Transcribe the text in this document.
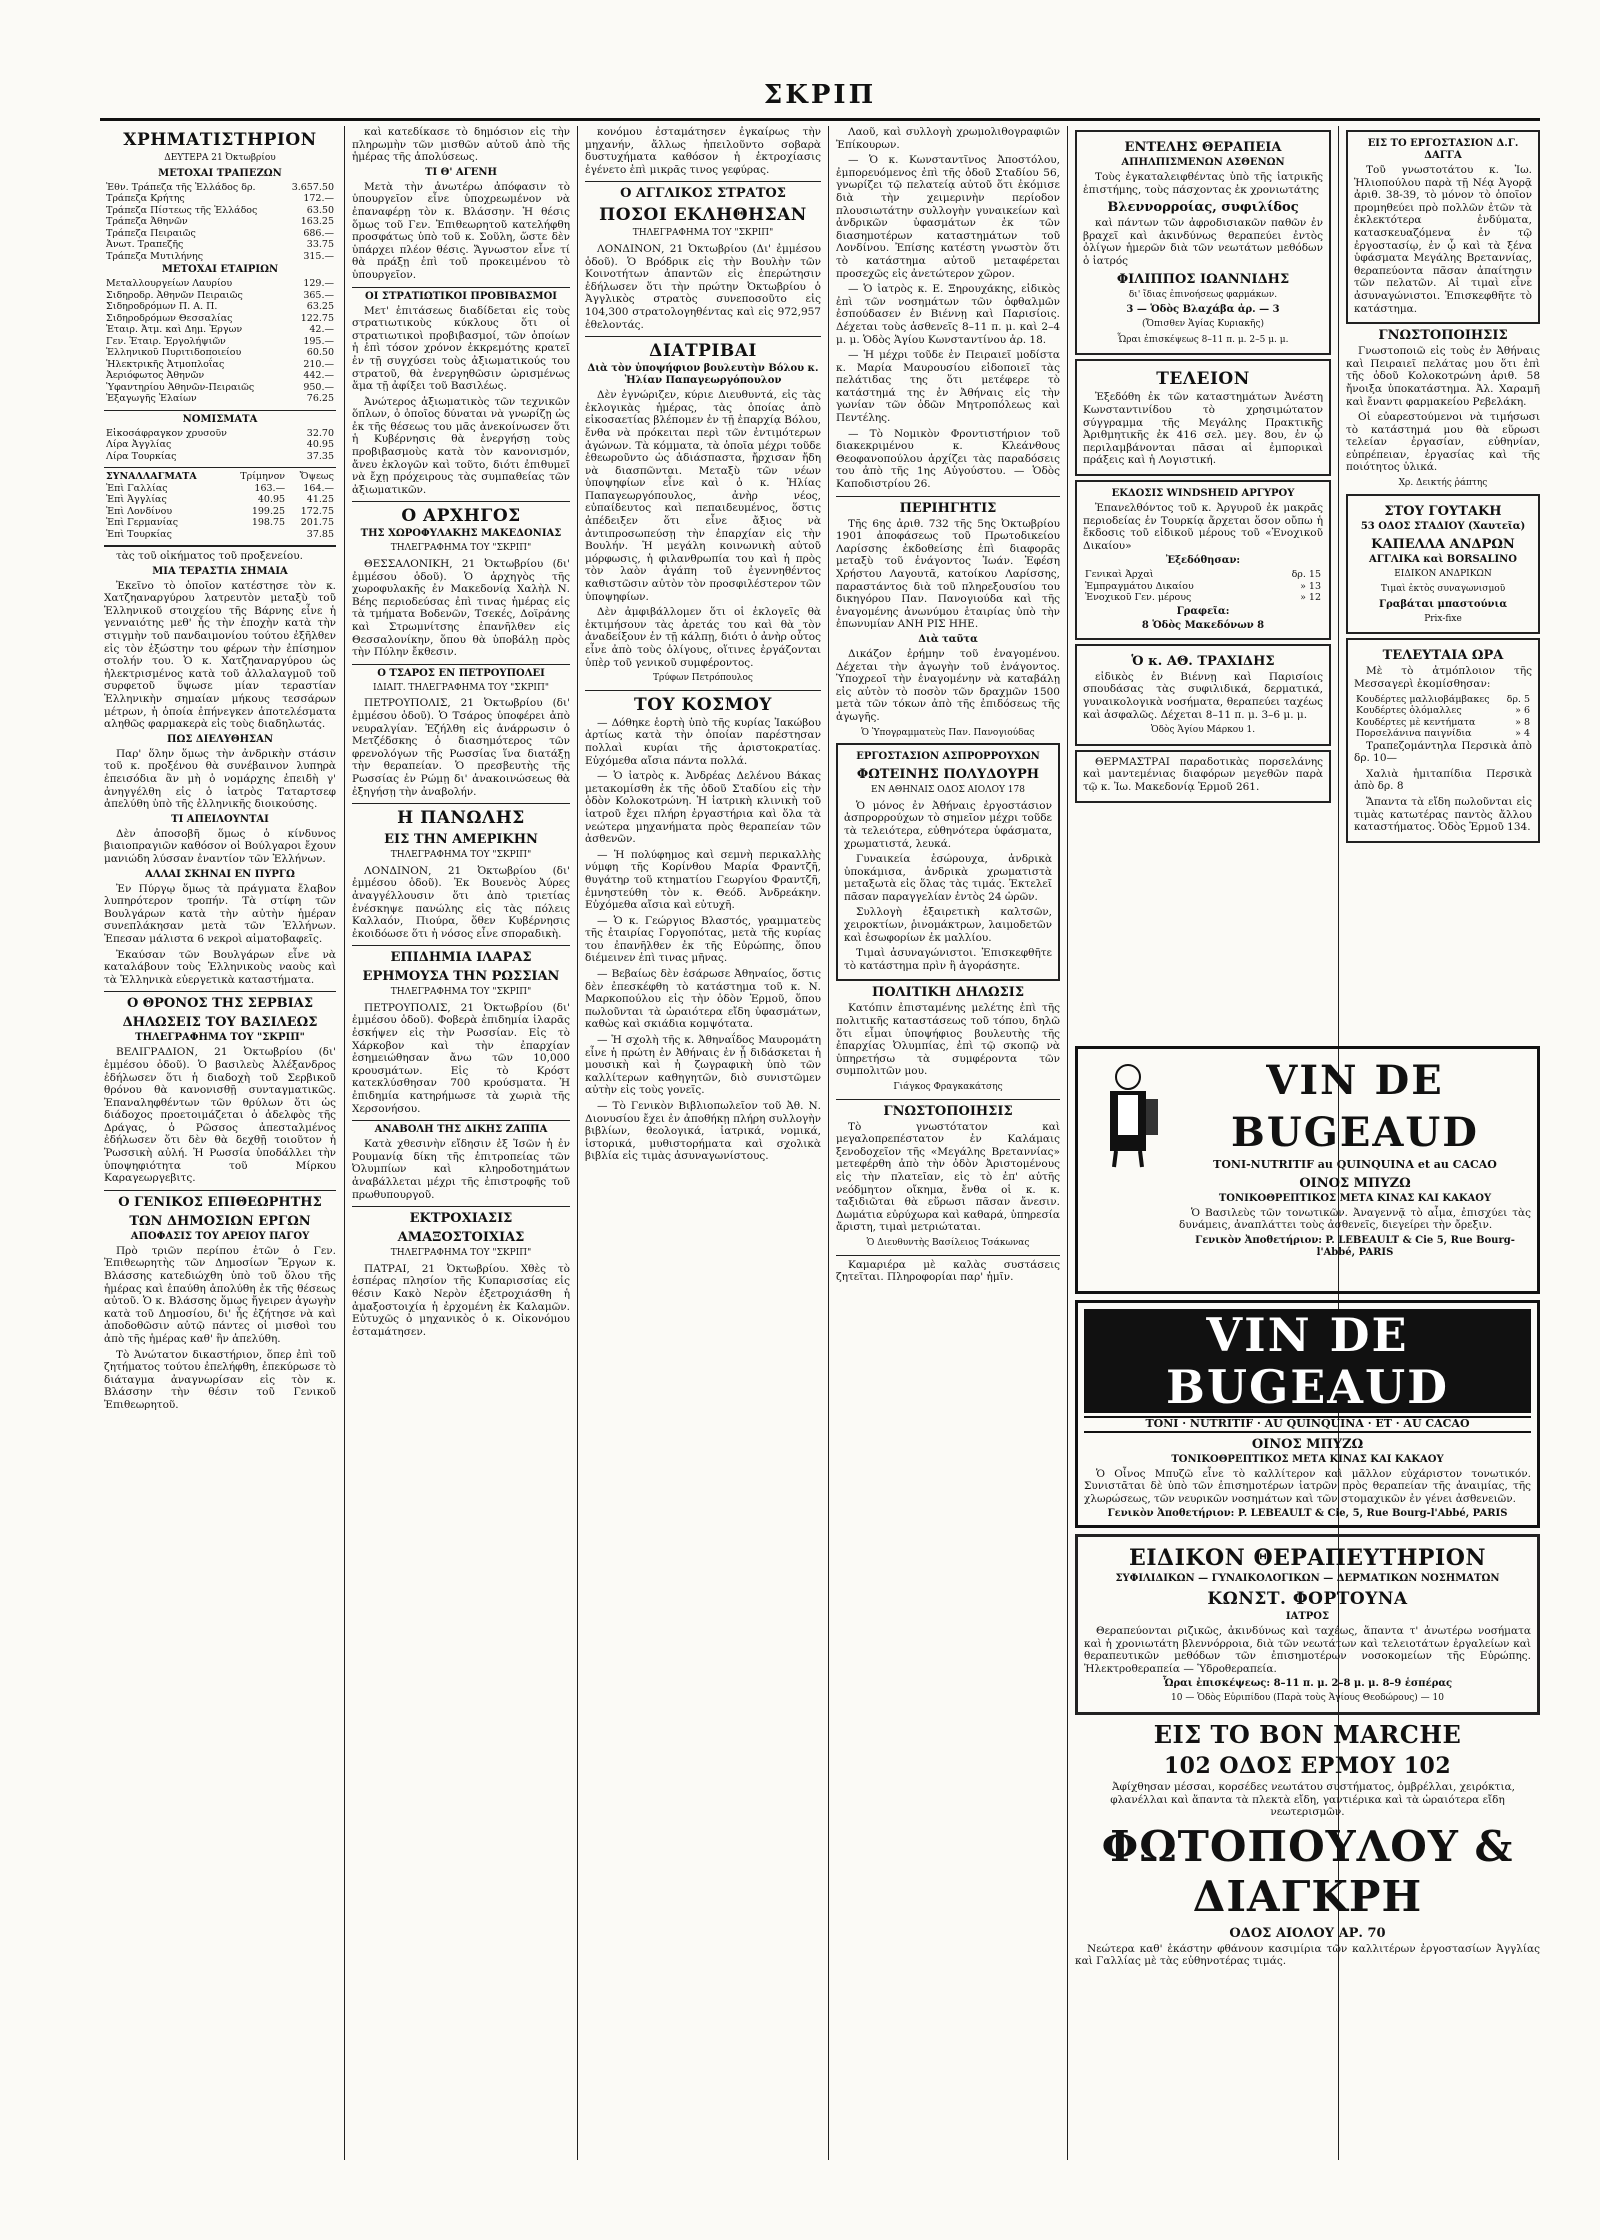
ΣΚΡΙΠ
ΧΡΗΜΑΤΙΣΤΗΡΙΟΝ
ΔΕΥΤΕΡΑ 21 Ὀκτωβρίου
ΜΕΤΟΧΑΙ ΤΡΑΠΕΖΩΝ
Ἐθν. Τράπεζα τῆς Ἑλλάδος δρ.	3.657.50
Τράπεζα Κρήτης	172.—
Τράπεζα Πίστεως τῆς Ἑλλάδος	63.50
Τράπεζα Ἀθηνῶν	163.25
Τράπεζα Πειραιῶς	686.—
Ἀνωτ. Τραπεζῆς	33.75
Τράπεζα Μυτιλήνης	315.—
ΜΕΤΟΧΑΙ ΕΤΑΙΡΙΩΝ
Μεταλλουργείων Λαυρίου	129.—
Σιδηροδρ. Ἀθηνῶν Πειραιῶς	365.—
Σιδηροδρόμων Π. Α. Π.	63.25
Σιδηροδρόμων Θεσσαλίας	122.75
Ἑταιρ. Ἀτμ. καὶ Δημ. Ἐργων	42.—
Γεν. Ἑταιρ. Ἐργολήψιῶν	195.—
Ἑλληνικοῦ Πυριτιδοποιείου	60.50
Ἡλεκτρικῆς Ἀτμοπλοΐας	210.—
Ἀεριόφωτος Ἀθηνῶν	442.—
Ὑφαντηρίου Ἀθηνῶν-Πειραιῶς	950.—
Ἐξαγωγῆς Ἐλαίων	76.25
ΝΟΜΙΣΜΑΤΑ
Εἰκοσάφραγκον χρυσοῦν	32.70
Λίρα Ἀγγλίας	40.95
Λίρα Τουρκίας	37.35
ΣΥΝΑΛΛΑΓΜΑΤΑ	Τρίμηνον	Ὄψεως
Ἐπὶ Γαλλίας	163.—	164.—
Ἐπὶ Ἀγγλίας	40.95	41.25
Ἐπὶ Λονδίνου	199.25	172.75
Ἐπὶ Γερμανίας	198.75	201.75
Ἐπὶ Τουρκίας		37.85

τὰς τοῦ οἰκήματος τοῦ προξενείου.

ΜΙΑ ΤΕΡΑΣΤΙΑ ΣΗΜΑΙΑ

Ἐκεῖνο τὸ ὁποῖον κατέστησε τὸν κ. Χατζηαναργύρου λατρευτὸν μεταξὺ τοῦ Ἑλληνικοῦ στοιχείου τῆς Βάρνης εἶνε ἡ γενναιότης μεθ' ἧς τὴν ἐποχὴν κατὰ τὴν στιγμὴν τοῦ πανδαιμονίου τούτου ἐξῆλθεν εἰς τὸν ἐξώστην του φέρων τὴν ἐπίσημον στολήν του. Ὁ κ. Χατζηαναργύρου ὡς ἠλεκτρισμένος κατὰ τοῦ ἀλλαλαγμοῦ τοῦ συρφετοῦ ὕψωσε μίαν τεραστίαν Ἑλληνικὴν σημαίαν μήκους τεσσάρων μέτρων, ἡ ὁποία ἐπήνεγκεν ἀποτελέσματα αληθῶς φαρμακερὰ εἰς τοὺς διαδηλωτάς.

ΠΩΣ ΔΙΕΛΥΘΗΣΑΝ

Παρ' ὅλην ὅμως τὴν ἀνδρικὴν στάσιν τοῦ κ. προξένου θὰ συνέβαινον λυπηρὰ ἐπεισόδια ἂν μὴ ὁ νομάρχης ἐπειδὴ γ' ἀνηγγέλθη εἰς ὁ ἰατρὸς Ταταρτσεφ ἀπελύθη ὑπὸ τῆς ἑλληνικῆς διοικούσης.

ΤΙ ΑΠΕΙΛΟΥΝΤΑΙ

Δὲν ἀποσοβῆ ὅμως ὁ κίνδυνος βιαιοπραγιῶν καθόσον οἱ Βούλγαροι ἔχουν μανιώδη λύσσαν ἐναντίον τῶν Ἑλλήνων.

ΑΛΛΑΙ ΣΚΗΝΑΙ ΕΝ ΠΥΡΓΩ

Ἐν Πύργῳ ὅμως τὰ πράγματα ἔλαβον λυπηρότερον τροπήν. Τὰ στίφη τῶν Βουλγάρων κατὰ τὴν αὐτὴν ἡμέραν συνεπλάκησαν μετὰ τῶν Ἑλλήνων. Ἐπεσαν μάλιστα 6 νεκροὶ αἱματοβαφεῖς.

Ἐκαύσαν τῶν Βουλγάρων εἶνε νὰ καταλάβουν τοὺς Ἑλληνικοὺς ναοὺς καὶ τὰ Ἑλληνικὰ εὐεργετικὰ καταστήματα.

Ο ΘΡΟΝΟΣ ΤΗΣ ΣΕΡΒΙΑΣ
ΔΗΛΩΣΕΙΣ ΤΟΥ ΒΑΣΙΛΕΩΣ
ΤΗΛΕΓΡΑΦΗΜΑ ΤΟΥ "ΣΚΡΙΠ"

ΒΕΛΙΓΡΑΔΙΟΝ, 21 Ὀκτωβρίου (δι' ἐμμέσου ὁδοῦ). Ὁ βασιλεὺς Ἀλέξανδρος ἐδήλωσεν ὅτι ἡ διαδοχὴ τοῦ Σερβικοῦ θρόνου θὰ κανονισθῇ συνταγματικῶς. Ἐπαναληφθέντων τῶν θρύλων ὅτι ὡς διάδοχος προετοιμάζεται ὁ ἀδελφὸς τῆς Δράγας, ὁ Ρῶσσος ἀπεσταλμένος ἐδήλωσεν ὅτι δὲν θὰ δεχθῇ τοιοῦτον ἡ Ῥωσσικὴ αὐλή. Ἡ Ρωσσία ὑποδάλλει τὴν ὑποψηφιότητα τοῦ Μίρκου Καραγεωργεβιτς.

Ο ΓΕΝΙΚΟΣ ΕΠΙΘΕΩΡΗΤΗΣ
ΤΩΝ ΔΗΜΟΣΙΩΝ ΕΡΓΩΝ
ΑΠΟΦΑΣΙΣ ΤΟΥ ΑΡΕΙΟΥ ΠΑΓΟΥ

Πρὸ τριῶν περίπου ἐτῶν ὁ Γεν. Ἐπιθεωρητὴς τῶν Δημοσίων Ἔργων κ. Βλάσσης κατεδιώχθη ὑπὸ τοῦ ὅλου τῆς ἡμέρας καὶ ἐπαύθη ἀπολύθη ἐκ τῆς θέσεως αὐτοῦ. Ὁ κ. Βλάσσης ὅμως ἤγειρεν ἀγωγὴν κατὰ τοῦ Δημοσίου, δι' ἧς ἐζήτησε νὰ καὶ ἀποδοθῶσιν αὐτῷ πάντες οἱ μισθοὶ του ἀπὸ τῆς ἡμέρας καθ' ἣν ἀπελύθη.

Τὸ Ἀνώτατον δικαστήριον, ὅπερ ἐπὶ τοῦ ζητήματος τούτου ἐπελήφθη, ἐπεκύρωσε τὸ διάταγμα ἀναγνωρίσαν εἰς τὸν κ. Βλάσσην τὴν θέσιν τοῦ Γενικοῦ Ἐπιθεωρητοῦ.

καὶ κατεδίκασε τὸ δημόσιον εἰς τὴν πληρωμὴν τῶν μισθῶν αὐτοῦ ἀπὸ τῆς ἡμέρας τῆς ἀπολύσεως.

ΤΙ Θ' ΑΓΕΝΗ

Μετὰ τὴν ἀνωτέρω ἀπόφασιν τὸ ὑπουργεῖον εἶνε ὑποχρεωμένον νὰ ἐπαναφέρῃ τὸν κ. Βλάσσην. Ἡ θέσις ὅμως τοῦ Γεν. Ἐπιθεωρητοῦ κατελήφθη προσφάτως ὑπὸ τοῦ κ. Σοῦλη, ὥστε δὲν ὑπάρχει πλέον θέσις. Ἄγνωστον εἶνε τί θὰ πράξῃ ἐπὶ τοῦ προκειμένου τὸ ὑπουργεῖον.

ΟΙ ΣΤΡΑΤΙΩΤΙΚΟΙ ΠΡΟΒΙΒΑΣΜΟΙ

Μετ' ἐπιτάσεως διαδίδεται εἰς τοὺς στρατιωτικοὺς κύκλους ὅτι οἱ στρατιωτικοὶ προβιβασμοί, τῶν ὁποίων ἡ ἐπὶ τόσον χρόνον ἐκκρεμότης κρατεῖ ἐν τῇ συγχύσει τοὺς ἀξιωματικούς του στρατοῦ, θὰ ἐνεργηθῶσιν ὡρισμένως ἅμα τῇ ἀφίξει τοῦ Βασιλέως.

Ἀνώτερος ἀξιωματικὸς τῶν τεχνικῶν ὅπλων, ὁ ὁποῖος δύναται νὰ γνωρίζῃ ὡς ἐκ τῆς θέσεως του μᾶς ἀνεκοίνωσεν ὅτι ἡ Κυβέρνησις θὰ ἐνεργήσῃ τοὺς προβιβασμοὺς κατὰ τὸν κανονισμόν, ἄνευ ἐκλογῶν καὶ τοῦτο, διότι ἐπιθυμεῖ νὰ ἔχῃ πρόχειρους τὰς συμπαθείας τῶν ἀξιωματικῶν.

Ο ΑΡΧΗΓΟΣ
ΤΗΣ ΧΩΡΟΦΥΛΑΚΗΣ ΜΑΚΕΔΟΝΙΑΣ
ΤΗΛΕΓΡΑΦΗΜΑ ΤΟΥ "ΣΚΡΙΠ"

ΘΕΣΣΑΛΟΝΙΚΗ, 21 Ὀκτωβρίου (δι' ἐμμέσου ὁδοῦ). Ὁ ἀρχηγὸς τῆς χωροφυλακῆς ἐν Μακεδονίᾳ Χαλὴλ Ν. Βέης περιοδεύσας ἐπὶ τινας ἡμέρας εἰς τὰ τμήματα Βοδενῶν, Τσεκές, Δοϊράνης καὶ Στρωμνίτσης ἐπανῆλθεν εἰς Θεσσαλονίκην, ὅπου θὰ ὑποβάλῃ πρὸς τὴν Πύλην ἔκθεσιν.

Ο ΤΣΑΡΟΣ ΕΝ ΠΕΤΡΟΥΠΟΛΕΙ
ΙΔΙΑΙΤ. ΤΗΛΕΓΡΑΦΗΜΑ ΤΟΥ "ΣΚΡΙΠ"

ΠΕΤΡΟΥΠΟΛΙΣ, 21 Ὀκτωβρίου (δι' ἐμμέσου ὁδοῦ). Ὁ Τσάρος ὑποφέρει ἀπὸ νευραλγίαν. Ἐζήλθη εἰς ἀνάρρωσιν ὁ Μετζέδσκης ὁ διασημότερος τῶν φρενολόγων τῆς Ρωσσίας ἵνα διατάξῃ τὴν θεραπείαν. Ὁ πρεσβευτὴς τῆς Ρωσσίας ἐν Ρώμῃ δι' ἀνακοινώσεως θὰ ἐξηγήσῃ τὴν ἀναβολήν.

Η ΠΑΝΩΛΗΣ
ΕΙΣ ΤΗΝ ΑΜΕΡΙΚΗΝ
ΤΗΛΕΓΡΑΦΗΜΑ ΤΟΥ "ΣΚΡΙΠ"

ΛΟΝΔΙΝΟΝ, 21 Ὀκτωβρίου (δι' ἐμμέσου ὁδοῦ). Ἐκ Βουενὸς Ἀύρες ἀναγγέλλουσιν ὅτι ἀπὸ τριετίας ἐνέσκηψε πανώλης εἰς τὰς πόλεις Καλλαόν, Πιούρα, ὅθεν Κυβέρνησις ἐκοιδόωσε ὅτι ἡ νόσος εἶνε σποραδικὴ.

ΕΠΙΔΗΜΙΑ ΙΛΑΡΑΣ
ΕΡΗΜΟΥΣΑ ΤΗΝ ΡΩΣΣΙΑΝ
ΤΗΛΕΓΡΑΦΗΜΑ ΤΟΥ "ΣΚΡΙΠ"

ΠΕΤΡΟΥΠΟΛΙΣ, 21 Ὀκτωβρίου (δι' ἐμμέσου ὁδοῦ). Φοβερὰ ἐπιδημία ἰλαρᾶς ἐσκήψεν εἰς τὴν Ρωσσίαν. Εἰς τὸ Χάρκοβον καὶ τὴν ἐπαρχίαν ἐσημειώθησαν ἄνω τῶν 10,000 κρουσμάτων. Εἰς τὸ Κρόστ κατεκλύσθησαν 700 κρούσματα. Ἡ ἐπιδημία κατηρήμωσε τὰ χωριὰ τῆς Χερσονήσου.

ΑΝΑΒΟΛΗ ΤΗΣ ΔΙΚΗΣ ΖΑΠΠΑ

Κατὰ χθεσινὴν εἴδησιν ἐξ Ἱσῶν ἡ ἐν Ρουμανίᾳ δίκη τῆς ἐπιτροπείας τῶν Ὀλυμπίων καὶ κληροδοτημάτων ἀναβάλλεται μέχρι τῆς ἐπιστροφῆς τοῦ πρωθυπουργοῦ.

ΕΚΤΡΟΧΙΑΣΙΣ
ΑΜΑΞΟΣΤΟΙΧΙΑΣ
ΤΗΛΕΓΡΑΦΗΜΑ ΤΟΥ "ΣΚΡΙΠ"

ΠΑΤΡΑΙ, 21 Ὀκτωβρίου. Χθὲς τὸ ἑσπέρας πλησίον τῆς Κυπαρισσίας εἰς θέσιν Κακὸ Νερὸν ἐξετροχιάσθη ἡ ἀμαξοστοιχία ἡ ἐρχομένη ἐκ Καλαμῶν. Εὐτυχῶς ὁ μηχανικὸς ὁ κ. Οἰκονόμου ἐσταμάτησεν.

κονόμου ἐσταμάτησεν ἐγκαίρως τὴν μηχανήν, ἄλλως ἠπειλοῦντο σοβαρὰ δυστυχήματα καθόσον ἡ ἐκτροχίασις ἐγένετο ἐπὶ μικρᾶς τινος γεφύρας.

Ο ΑΓΓΛΙΚΟΣ ΣΤΡΑΤΟΣ
ΠΟΣΟΙ ΕΚΛΗΘΗΣΑΝ
ΤΗΛΕΓΡΑΦΗΜΑ ΤΟΥ "ΣΚΡΙΠ"

ΛΟΝΔΙΝΟΝ, 21 Ὀκτωβρίου (Δι' ἐμμέσου ὁδοῦ). Ὁ Βρόδρικ εἰς τὴν Βουλὴν τῶν Κοινοτήτων ἀπαντῶν εἰς ἐπερώτησιν ἐδήλωσεν ὅτι τὴν πρώτην Ὀκτωβρίου ὁ Ἀγγλικὸς στρατὸς συνεποσοῦτο εἰς 104,300 στρατολογηθέντας καὶ εἰς 972,957 ἐθελοντάς.

ΔΙΑΤΡΙΒΑΙ
Διὰ τὸν ὑποψήφιον βουλευτὴν Βόλου κ. Ἠλίαν Παπαγεωργόπουλον

Δὲν ἐγνώριζεν, κύριε Διευθυντά, εἰς τὰς ἐκλογικὰς ἡμέρας, τὰς ὁποίας ἀπὸ εἰκοσαετίας βλέπομεν ἐν τῇ ἐπαρχίᾳ Βόλου, ἔνθα νὰ πρόκειται περὶ τῶν ἐντιμότερων ἀγώνων. Τὰ κόμματα, τὰ ὁποῖα μέχρι τοῦδε ἐθεωροῦντο ὡς ἀδιάσπαστα, ἤρχισαν ἤδη νὰ διασπῶνται. Μεταξὺ τῶν νέων ὑποψηφίων εἶνε καὶ ὁ κ. Ἠλίας Παπαγεωργόπουλος, ἀνὴρ νέος, εὐπαίδευτος καὶ πεπαιδευμένος, ὅστις ἀπέδειξεν ὅτι εἶνε ἄξιος νὰ ἀντιπροσωπεύσῃ τὴν ἐπαρχίαν εἰς τὴν Βουλήν. Ἡ μεγάλη κοινωνικὴ αὐτοῦ μόρφωσις, ἡ φιλανθρωπία του καὶ ἡ πρὸς τὸν λαὸν ἀγάπη τοῦ ἐγεννηθέντος καθιστῶσιν αὐτὸν τὸν προσφιλέστερον τῶν ὑποψηφίων.

Δὲν ἀμφιβάλλομεν ὅτι οἱ ἐκλογεῖς θὰ ἐκτιμήσουν τὰς ἀρετάς του καὶ θὰ τὸν ἀναδείξουν ἐν τῇ κάλπῃ, διότι ὁ ἀνὴρ οὗτος εἶνε ἀπὸ τοὺς ὀλίγους, οἵτινες ἐργάζονται ὑπὲρ τοῦ γενικοῦ συμφέροντος.

Τρύφων Πετρόπουλος
ΤΟΥ ΚΟΣΜΟΥ

— Δόθηκε ἑορτὴ ὑπὸ τῆς κυρίας Ἰακώβου ἀρτίως κατὰ τὴν ὁποίαν παρέστησαν πολλαὶ κυρίαι τῆς ἀριστοκρατίας. Εὐχόμεθα αἴσια πάντα πολλά.

— Ὁ ἰατρὸς κ. Ἀνδρέας Δελένου Βάκας μετακομίσθη ἐκ τῆς ὁδοῦ Σταδίου εἰς τὴν ὁδὸν Κολοκοτρώνη. Ἡ ἰατρικὴ κλινικὴ τοῦ ἰατροῦ ἔχει πλήρη ἐργαστήρια καὶ ὅλα τὰ νεώτερα μηχανήματα πρὸς θεραπείαν τῶν ἀσθενῶν.

— Ἡ πολύφημος καὶ σεμνὴ περικαλλὴς νύμφη τῆς Κορίνθου Μαρία Φραντζῆ, θυγάτηρ τοῦ κτηματίου Γεωργίου Φραντζῆ, ἐμνηστεύθη τὸν κ. Θεόδ. Ἀνδρεάκην. Εὐχόμεθα αἴσια καὶ εὐτυχῆ.

— Ὁ κ. Γεώργιος Βλαστός, γραμματεὺς τῆς ἐταιρίας Γοργοπότας, μετὰ τῆς κυρίας του ἐπανῆλθεν ἐκ τῆς Εὐρώπης, ὅπου διέμεινεν ἐπὶ τινας μῆνας.

— Βεβαίως δὲν ἐσάρωσε Ἀθηναίος, ὅστις δὲν ἐπεσκέφθη τὸ κατάστημα τοῦ κ. Ν. Μαρκοπούλου εἰς τὴν ὁδὸν Ἑρμοῦ, ὅπου πωλοῦνται τὰ ὡραιότερα εἴδη ὑφασμάτων, καθὼς καὶ σκιάδια κομψότατα.

— Ἡ σχολὴ τῆς κ. Ἀθηναΐδος Μαυρομάτη εἶνε ἡ πρώτη ἐν Ἀθήναις ἐν ᾗ διδάσκεται ἡ μουσικὴ καὶ ἡ ζωγραφικὴ ὑπὸ τῶν καλλίτερων καθηγητῶν, διὸ συνιστῶμεν αὐτὴν εἰς τοὺς γονεῖς.

— Τὸ Γενικὸν Βιβλιοπωλεῖον τοῦ Ἀθ. Ν. Διονυσίου ἔχει ἐν ἀποθήκῃ πλήρη συλλογὴν βιβλίων, θεολογικά, ἰατρικά, νομικά, ἱστορικά, μυθιστορήματα καὶ σχολικὰ βιβλία εἰς τιμὰς ἀσυναγωνίστους.

Λαοῦ, καὶ συλλογὴ χρωμολιθογραφιῶν Ἐπίκουρων.

— Ὁ κ. Κωνσταντῖνος Ἀποστόλου, ἐμπορευόμενος ἐπὶ τῆς ὁδοῦ Σταδίου 56, γνωρίζει τῷ πελατείᾳ αὐτοῦ ὅτι ἐκόμισε διὰ τὴν χειμερινὴν περίοδον πλουσιωτάτην συλλογὴν γυναικείων καὶ ἀνδρικῶν ὑφασμάτων ἐκ τῶν διασημοτέρων καταστημάτων τοῦ Λονδίνου. Ἐπίσης κατέστη γνωστὸν ὅτι τὸ κατάστημα αὐτοῦ μεταφέρεται προσεχῶς εἰς ἀνετώτερον χῶρον.

— Ὁ ἰατρὸς κ. Ε. Ξηρουχάκης, εἰδικὸς ἐπὶ τῶν νοσημάτων τῶν ὀφθαλμῶν ἐσπούδασεν ἐν Βιέννῃ καὶ Παρισίοις. Δέχεται τοὺς ἀσθενεῖς 8–11 π. μ. καὶ 2–4 μ. μ. Ὁδὸς Ἁγίου Κωνσταντίνου ἀρ. 18.

— Ἡ μέχρι τοῦδε ἐν Πειραιεῖ μοδίστα κ. Μαρία Μαυρουσίου εἰδοποιεῖ τὰς πελάτιδας της ὅτι μετέφερε τὸ κατάστημά της ἐν Ἀθήναις εἰς τὴν γωνίαν τῶν ὁδῶν Μητροπόλεως καὶ Πεντέλης.

— Τὸ Νομικὸν Φροντιστήριον τοῦ διακεκριμένου κ. Κλεάνθους Θεοφανοπούλου ἀρχίζει τὰς παραδόσεις του ἀπὸ τῆς 1ης Αὐγούστου. — Ὁδὸς Καποδιστρίου 26.

ΠΕΡΙΗΓΗΤΙΣ

Τῆς 6ης ἀριθ. 732 τῆς 5ης Ὀκτωβρίου 1901 ἀποφάσεως τοῦ Πρωτοδικείου Λαρίσσης ἐκδοθείσης ἐπὶ διαφορᾶς μεταξὺ τοῦ ἐνάγοντος Ἰωάν. Ἐφέση Χρήστου Λαγουτᾶ, κατοίκου Λαρίσσης, παραστάντος διὰ τοῦ πληρεξουσίου του δικηγόρου Παν. Πανογιούδα καὶ τῆς ἐναγομένης ἀνωνύμου ἑταιρίας ὑπὸ τὴν ἐπωνυμίαν ΑΝΗ ΡΙΣ ΗΗΕ.

Διὰ ταῦτα

Δικάζον ἐρήμην τοῦ ἐναγομένου. Δέχεται τὴν ἀγωγὴν τοῦ ἐνάγοντος. Ὑποχρεοῖ τὴν ἐναγομένην νὰ καταβάλῃ εἰς αὐτὸν τὸ ποσὸν τῶν δραχμῶν 1500 μετὰ τῶν τόκων ἀπὸ τῆς ἐπιδόσεως τῆς ἀγωγῆς.

Ὁ Ὑπογραμματεὺς Παν. Πανογιούδας
ΕΡΓΟΣΤΑΣΙΟΝ ΑΣΠΡΟΡΡΟΥΧΩΝ
ΦΩΤΕΙΝΗΣ ΠΟΛΥΔΟΥΡΗ
ΕΝ ΑΘΗΝΑΙΣ ΟΔΟΣ ΑΙΟΛΟΥ 178

Ὁ μόνος ἐν Ἀθήναις ἐργοστάσιον ἀσπρορρούχων τὸ σημεῖον μέχρι τοῦδε τὰ τελειότερα, εὐθηνότερα ὑφάσματα, χρωματιστά, λευκά.

Γυναικεία ἐσώρουχα, ἀνδρικὰ ὑποκάμισα, ἀνδρικὰ χρωματιστὰ μεταξωτὰ εἰς ὅλας τὰς τιμάς. Ἐκτελεῖ πᾶσαν παραγγελίαν ἐντὸς 24 ὡρῶν.

Συλλογὴ ἐξαιρετικὴ καλτσῶν, χειροκτίων, ῥινομάκτρων, λαιμοδετῶν καὶ ἐσωφορίων ἐκ μαλλίου.

Τιμαὶ ἀσυναγώνιστοι. Ἐπισκεφθῆτε τὸ κατάστημα πρὶν ἢ ἀγοράσητε.

ΠΟΛΙΤΙΚΗ ΔΗΛΩΣΙΣ

Κατόπιν ἐπισταμένης μελέτης ἐπὶ τῆς πολιτικῆς καταστάσεως τοῦ τόπου, δηλῶ ὅτι εἶμαι ὑποψήφιος βουλευτὴς τῆς ἐπαρχίας Ὀλυμπίας, ἐπὶ τῷ σκοπῷ νὰ ὑπηρετήσω τὰ συμφέροντα τῶν συμπολιτῶν μου.

Γιάγκος Φραγκακάτσης
ΓΝΩΣΤΟΠΟΙΗΣΙΣ

Τὸ γνωστότατον καὶ μεγαλοπρεπέστατον ἐν Καλάμαις ξενοδοχεῖον τῆς «Μεγάλης Βρεταννίας» μετεφέρθη ἀπὸ τὴν ὁδὸν Ἀριστομένους εἰς τὴν πλατεῖαν, εἰς τὸ ἐπ' αὐτῆς νεόδμητον οἴκημα, ἔνθα οἱ κ. κ. ταξιδιῶται θὰ εὕρωσι πᾶσαν ἄνεσιν. Δωμάτια εὐρύχωρα καὶ καθαρά, ὑπηρεσία ἄριστη, τιμαὶ μετριώταται.

Ὁ Διευθυντὴς Βασίλειος Τσάκωνας

Καμαριέρα μὲ καλὰς συστάσεις ζητεῖται. Πληροφορίαι παρ' ἡμῖν.

ΕΝΤΕΛΗΣ ΘΕΡΑΠΕΙΑ
ΑΠΗΛΠΙΣΜΕΝΩΝ ΑΣΘΕΝΩΝ

Τοὺς ἐγκαταλειφθέντας ὑπὸ τῆς ἰατρικῆς ἐπιστήμης, τοὺς πάσχοντας ἐκ χρονιωτάτης

Βλεννορροίας, συφιλίδος

καὶ πάντων τῶν ἀφροδισιακῶν παθῶν ἐν βραχεῖ καὶ ἀκινδύνως θεραπεύει ἐντὸς ὀλίγων ἡμερῶν διὰ τῶν νεωτάτων μεθόδων ὁ ἰατρός

ΦΙΛΙΠΠΟΣ ΙΩΑΝΝΙΔΗΣ
δι' ἴδιας ἐπινοήσεως φαρμάκων.
3 — Ὁδὸς Βλαχάβα ἀρ. — 3
(Ὄπισθεν Ἁγίας Κυριακῆς)
Ὧραι ἐπισκέψεως 8–11 π. μ. 2–5 μ. μ.
ΤΕΛΕΙΟΝ

Ἐξεδόθη ἐκ τῶν καταστημάτων Ἀνέστη Κωνσταντινίδου τὸ χρησιμώτατον σύγγραμμα τῆς Μεγάλης Πρακτικῆς Ἀριθμητικῆς ἐκ 416 σελ. μεγ. 8ου, ἐν ᾧ περιλαμβάνονται πᾶσαι αἱ ἐμπορικαὶ πράξεις καὶ ἡ Λογιστική.

ΕΚΔΟΣΙΣ WINDSHEID ΑΡΓΥΡΟΥ

Ἐπανελθόντος τοῦ κ. Ἀργυροῦ ἐκ μακρᾶς περιοδείας ἐν Τουρκίᾳ ἄρχεται ὅσον οὔπω ἡ ἔκδοσις τοῦ εἰδικοῦ μέρους τοῦ «Ἐνοχικοῦ Δικαίου»

Ἐξεδόθησαν:
Γενικαὶ Ἀρχαὶ	δρ. 15
Ἐμπραγμάτου Δικαίου	» 13
Ἐνοχικοῦ Γεν. μέρους	» 12
Γραφεῖα:
8 Ὁδὸς Μακεδόνων 8
Ὁ κ. ΑΘ. ΤΡΑΧΙΔΗΣ

εἰδικὸς ἐν Βιέννῃ καὶ Παρισίοις σπουδάσας τὰς συφιλιδικά, δερματικά, γυναικολογικὰ νοσήματα, θεραπεύει ταχέως καὶ ἀσφαλῶς. Δέχεται 8–11 π. μ. 3–6 μ. μ.

Ὁδὸς Ἁγίου Μάρκου 1.

ΘΕΡΜΑΣΤΡΑΙ παραδοτικὰς πορσελάνης καὶ μαντεμένιας διαφόρων μεγεθῶν παρὰ τῷ κ. Ἰω. Μακεδονίᾳ Ἑρμοῦ 261.

ΕΙΣ ΤΟ ΕΡΓΟΣΤΑΣΙΟΝ Δ.Γ. ΔΑΓΓΑ

Τοῦ γνωστοτάτου κ. Ἰω. Ἡλιοπούλου παρὰ τῇ Νέᾳ Ἀγορᾷ ἀριθ. 38-39, τὸ μόνον τὸ ὁποῖον προμηθεύει πρὸ πολλῶν ἐτῶν τὰ ἐκλεκτότερα ἐνδύματα, κατασκευαζόμενα ἐν τῷ ἐργοστασίῳ, ἐν ᾧ καὶ τὰ ξένα ὑφάσματα Μεγάλης Βρεταννίας, θεραπεύοντα πᾶσαν ἀπαίτησιν τῶν πελατῶν. Αἱ τιμαὶ εἶνε ἀσυναγώνιστοι. Ἐπισκεφθῆτε τὸ κατάστημα.

ΓΝΩΣΤΟΠΟΙΗΣΙΣ

Γνωστοποιῶ εἰς τοὺς ἐν Ἀθήναις καὶ Πειραιεῖ πελάτας μου ὅτι ἐπὶ τῆς ὁδοῦ Κολοκοτρώνη ἀριθ. 58 ἤνοιξα ὑποκατάστημα. Ἀλ. Χαραμῆ καὶ ἔναντι φαρμακείου Ρεβελάκη.

Οἱ εὐαρεστούμενοι νὰ τιμήσωσι τὸ κατάστημά μου θὰ εὕρωσι τελείαν ἐργασίαν, εὐθηνίαν, εὐπρέπειαν, ἐργασίας καὶ τῆς ποιότητος ὑλικά.

Χρ. Δεικτής ῥάπτης
ΣΤΟΥ ΓΟΥΤΑΚΗ
53 ΟΔΟΣ ΣΤΑΔΙΟΥ (Χαυτεῖα)
ΚΑΠΕΛΛΑ ΑΝΔΡΩΝ
ΑΓΓΛΙΚΑ καὶ BORSALINO
ΕΙΔΙΚΟΝ ΑΝΔΡΙΚΩΝ
Τιμαὶ ἐκτὸς συναγωνισμοῦ
Γραβάται μπαστούνια
Prix-fixe
ΤΕΛΕΥΤΑΙΑ ΩΡΑ

Μὲ τὸ ἀτμόπλοιον τῆς Μεσσαγερὶ ἐκομίσθησαν:

Κουδέρτες μαλλιοβάμβακες	δρ. 5
Κουδέρτες ὁλόμαλλες	» 6
Κουδέρτες μὲ κεντήματα	» 8
Πορσελάνινα παιγνίδια	» 4

Τραπεζομάντηλα Περσικὰ ἀπὸ δρ. 10—

Χαλιὰ ἡμιταπίδια Περσικὰ ἀπὸ δρ. 8

Ἅπαντα τὰ εἴδη πωλοῦνται εἰς τιμὰς κατωτέρας παντὸς ἄλλου καταστήματος. Ὁδὸς Ἑρμοῦ 134.

VIN DE BUGEAUD
TONI-NUTRITIF au QUINQUINA et au CACAO
ΟΙΝΟΣ ΜΠΥΖΩ
ΤΟΝΙΚΟΘΡΕΠΤΙΚΟΣ ΜΕΤΑ ΚΙΝΑΣ ΚΑΙ ΚΑΚΑΟΥ

Ὁ Βασιλεὺς τῶν τονωτικῶν. Ἀναγεννᾷ τὸ αἷμα, ἐπισχύει τὰς δυνάμεις, ἀναπλάττει τοὺς ἀσθενεῖς, διεγείρει τὴν ὄρεξιν.

Γενικὸν Ἀποθετήριον: P. LEBEAULT & Cie 5, Rue Bourg-l'Abbé, PARIS
VIN DE BUGEAUD
TONI · NUTRITIF · AU QUINQUINA · ET · AU CACAO
ΟΙΝΟΣ ΜΠΥΖΩ
ΤΟΝΙΚΟΘΡΕΠΤΙΚΟΣ ΜΕΤΑ ΚΙΝΑΣ ΚΑΙ ΚΑΚΑΟΥ

Ὁ Οἶνος Μπυζῶ εἶνε τὸ καλλίτερον καὶ μᾶλλον εὐχάριστον τονωτικόν. Συνιστᾶται δὲ ὑπὸ τῶν ἐπισημοτέρων ἰατρῶν πρὸς θεραπείαν τῆς ἀναιμίας, τῆς χλωρώσεως, τῶν νευρικῶν νοσημάτων καὶ τῶν στομαχικῶν ἐν γένει ἀσθενειῶν.

Γενικὸν Ἀποθετήριον: P. LEBEAULT & Cie, 5, Rue Bourg-l'Abbé, PARIS
ΕΙΔΙΚΟΝ ΘΕΡΑΠΕΥΤΗΡΙΟΝ
ΣΥΦΙΛΙΔΙΚΩΝ — ΓΥΝΑΙΚΟΛΟΓΙΚΩΝ — ΔΕΡΜΑΤΙΚΩΝ ΝΟΣΗΜΑΤΩΝ
ΚΩΝΣΤ. ΦΟΡΤΟΥΝΑ
ΙΑΤΡΟΣ

Θεραπεύονται ριζικῶς, ἀκινδύνως καὶ ταχέως, ἅπαντα τ' ἀνωτέρω νοσήματα καὶ ἡ χρονιωτάτη βλεννόρροια, διὰ τῶν νεωτάτων καὶ τελειοτάτων ἐργαλείων καὶ θεραπευτικῶν μεθόδων τῶν ἐπισημοτέρων νοσοκομείων τῆς Εὐρώπης. Ἠλεκτροθεραπεία — Ὑδροθεραπεία.

Ὧραι ἐπισκέψεως: 8–11 π. μ. 2–8 μ. μ. 8–9 ἑσπέρας
10 — Ὁδὸς Εὐριπίδου (Παρὰ τοὺς Ἁγίους Θεοδώρους) — 10
ΕΙΣ ΤΟ BON MARCHE
102 ΟΔΟΣ ΕΡΜΟΥ 102

Ἀφίχθησαν μέσσαι, κορσέδες νεωτάτου συστήματος, ὀμβρέλλαι, χειρόκτια, φλανέλλαι καὶ ἅπαντα τὰ πλεκτὰ εἴδη, γαντιέρικα καὶ τὰ ὡραιότερα εἴδη νεωτερισμῶν.

ΦΩΤΟΠΟΥΛΟΥ & ΔΙΑΓΚΡΗ
ΟΔΟΣ ΑΙΟΛΟΥ ΑΡ. 70

Νεώτερα καθ' ἑκάστην φθάνουν κασιμίρια τῶν καλλιτέρων ἐργοστασίων Ἀγγλίας καὶ Γαλλίας μὲ τὰς εὐθηνοτέρας τιμάς.
